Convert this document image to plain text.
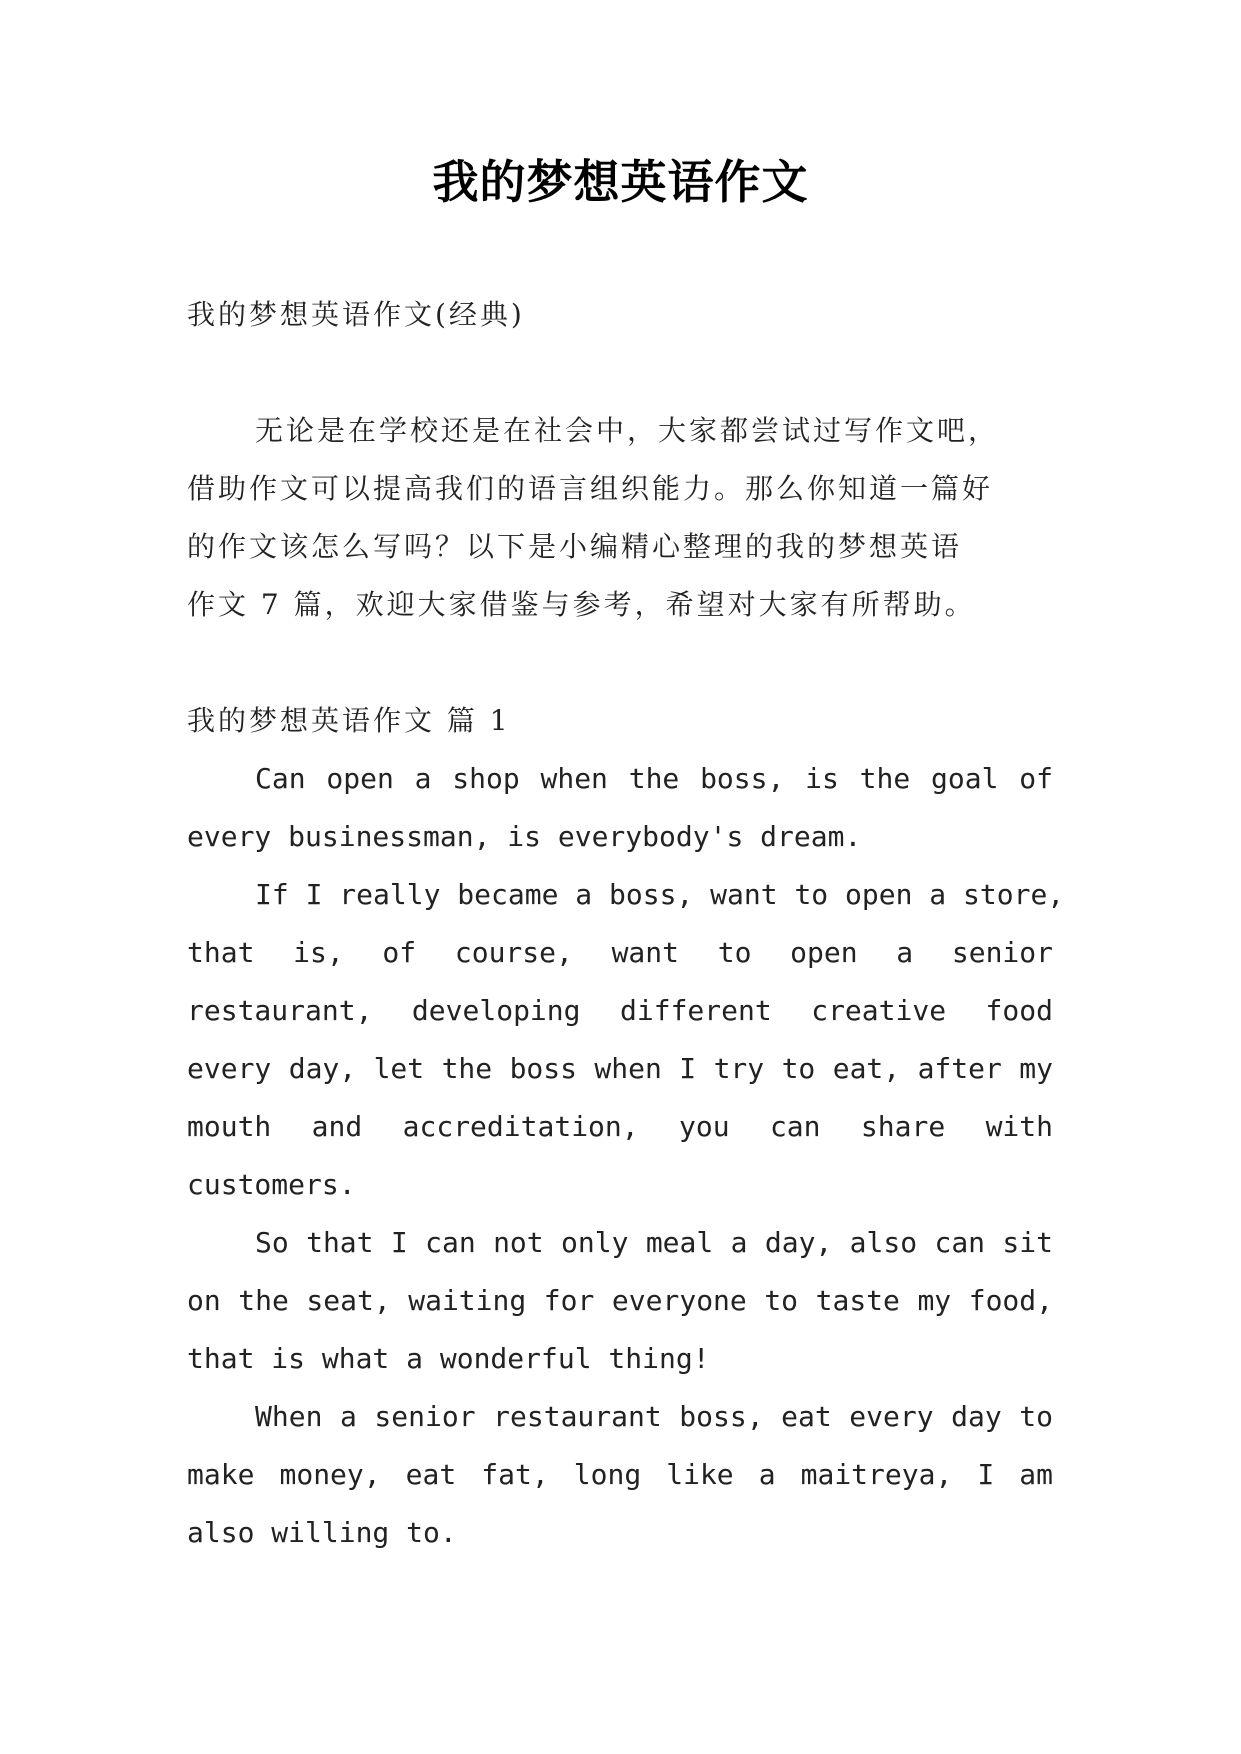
我的梦想英语作文
我的梦想英语作文(经典)
无论是在学校还是在社会中，大家都尝试过写作文吧，
借助作文可以提高我们的语言组织能力。那么你知道一篇好
的作文该怎么写吗？以下是小编精心整理的我的梦想英语
作文 7 篇，欢迎大家借鉴与参考，希望对大家有所帮助。
我的梦想英语作文 篇 1
Can open a shop when the boss, is the goal of
every businessman, is everybody's dream.
If I really became a boss, want to open a store,
that is, of course, want to open a senior
restaurant, developing different creative food
every day, let the boss when I try to eat, after my
mouth and accreditation, you can share with
customers.
So that I can not only meal a day, also can sit
on the seat, waiting for everyone to taste my food,
that is what a wonderful thing!
When a senior restaurant boss, eat every day to
make money, eat fat, long like a maitreya, I am
also willing to.
